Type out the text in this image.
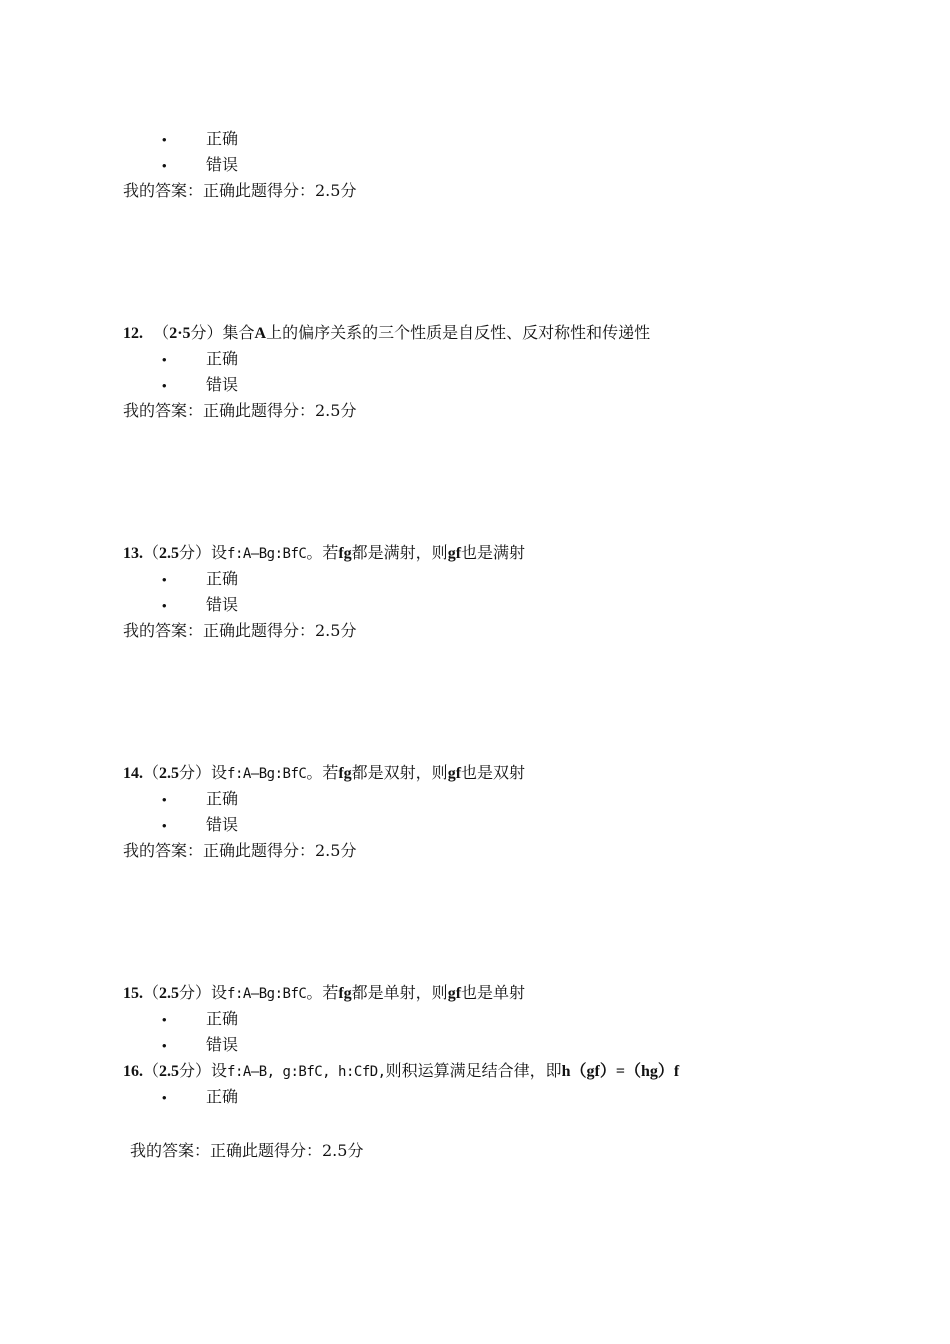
• 正确
• 错误
我的答案：正确此题得分：2.5分
12. （2·5分）集合A上的偏序关系的三个性质是自反性、反对称性和传递性
• 正确
• 错误
我的答案：正确此题得分：2.5分
13.（2.5分）设f:A—Bg:BfC。若fg都是满射，则gf也是满射
• 正确
• 错误
我的答案：正确此题得分：2.5分
14.（2.5分）设f:A—Bg:BfC。若fg都是双射，则gf也是双射
• 正确
• 错误
我的答案：正确此题得分：2.5分
15.（2.5分）设f:A—Bg:BfC。若fg都是单射，则gf也是单射
• 正确
• 错误
16.（2.5分）设f:A—B, g:BfC, h:CfD,则积运算满足结合律，即h（gf）=（hg）f
• 正确
我的答案：正确此题得分：2.5分
